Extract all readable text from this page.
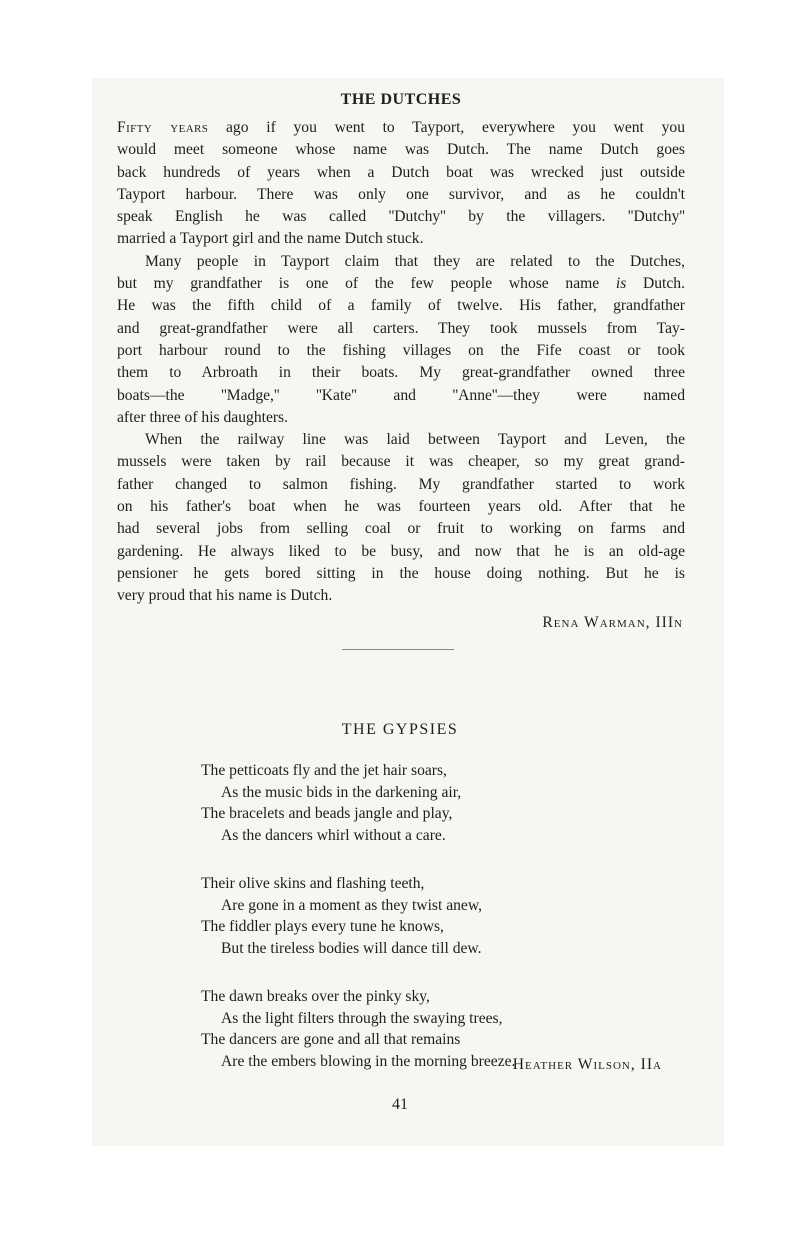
THE DUTCHES
Fifty years ago if you went to Tayport, everywhere you went you
would meet someone whose name was Dutch. The name Dutch goes
back hundreds of years when a Dutch boat was wrecked just outside
Tayport harbour. There was only one survivor, and as he couldn't
speak English he was called ''Dutchy'' by the villagers. ''Dutchy''
married a Tayport girl and the name Dutch stuck.
Many people in Tayport claim that they are related to the Dutches,
but my grandfather is one of the few people whose name is Dutch.
He was the fifth child of a family of twelve. His father, grandfather
and great-grandfather were all carters. They took mussels from Tay-
port harbour round to the fishing villages on the Fife coast or took
them to Arbroath in their boats. My great-grandfather owned three
boats—the ''Madge,'' ''Kate'' and ''Anne''—they were named
after three of his daughters.
When the railway line was laid between Tayport and Leven, the
mussels were taken by rail because it was cheaper, so my great grand-
father changed to salmon fishing. My grandfather started to work
on his father's boat when he was fourteen years old. After that he
had several jobs from selling coal or fruit to working on farms and
gardening. He always liked to be busy, and now that he is an old-age
pensioner he gets bored sitting in the house doing nothing. But he is
very proud that his name is Dutch.
Rena Warman, IIIn
THE GYPSIES
The petticoats fly and the jet hair soars,
As the music bids in the darkening air,
The bracelets and beads jangle and play,
As the dancers whirl without a care.
Their olive skins and flashing teeth,
Are gone in a moment as they twist anew,
The fiddler plays every tune he knows,
But the tireless bodies will dance till dew.
The dawn breaks over the pinky sky,
As the light filters through the swaying trees,
The dancers are gone and all that remains
Are the embers blowing in the morning breeze.
Heather Wilson, IIa
41
